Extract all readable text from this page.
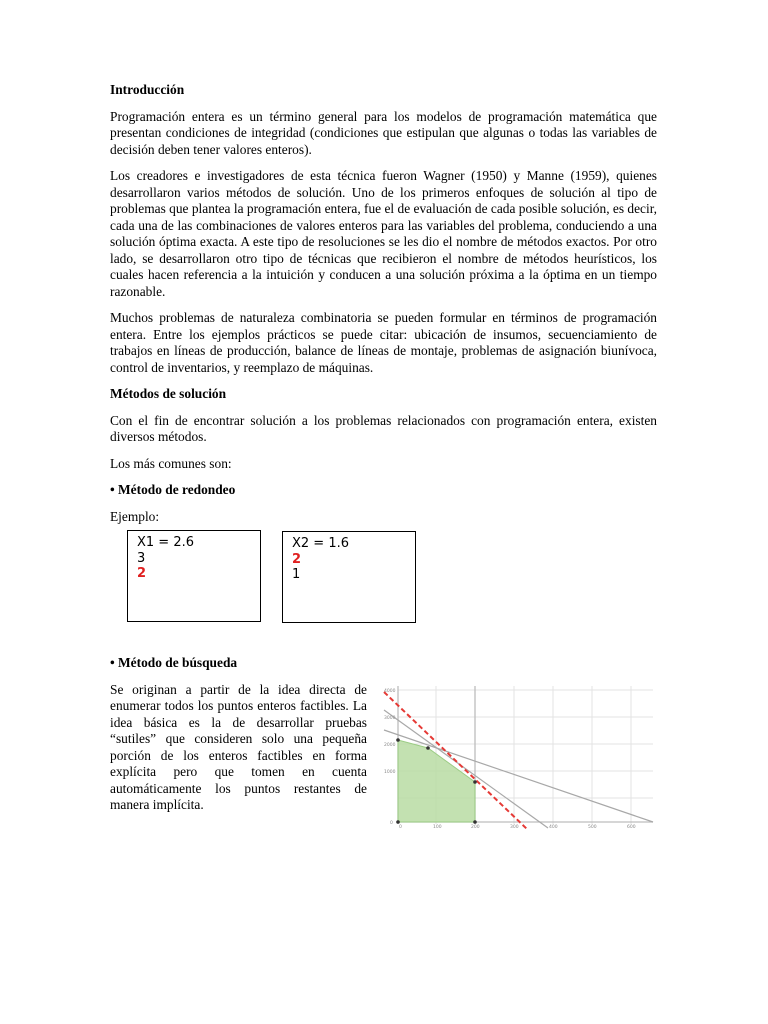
Introducción

Programación entera es un término general para los modelos de programación matemática que presentan condiciones de integridad (condiciones que estipulan que algunas o todas las variables de decisión deben tener valores enteros).

Los creadores e investigadores de esta técnica fueron Wagner (1950) y Manne (1959), quienes desarrollaron varios métodos de solución. Uno de los primeros enfoques de solución al tipo de problemas que plantea la programación entera, fue el de evaluación de cada posible solución, es decir, cada una de las combinaciones de valores enteros para las variables del problema, conduciendo a una solución óptima exacta. A este tipo de resoluciones se les dio el nombre de métodos exactos. Por otro lado, se desarrollaron otro tipo de técnicas que recibieron el nombre de métodos heurísticos, los cuales hacen referencia a la intuición y conducen a una solución próxima a la óptima en un tiempo razonable.

Muchos problemas de naturaleza combinatoria se pueden formular en términos de programación entera. Entre los ejemplos prácticos se puede citar: ubicación de insumos, secuenciamiento de trabajos en líneas de producción, balance de líneas de montaje, problemas de asignación biunívoca, control de inventarios, y reemplazo de máquinas.

Métodos de solución

Con el fin de encontrar solución a los problemas relacionados con programación entera, existen diversos métodos.

Los más comunes son:

• Método de redondeo

Ejemplo:

X1 = 2.6
3
2
X2 = 1.6
2
1
• Método de búsqueda

Se originan a partir de la idea directa de enumerar todos los puntos enteros factibles. La idea básica es la de desarrollar pruebas “sutiles” que consideren solo una pequeña porción de los enteros factibles en forma explícita pero que tomen en cuenta automáticamente los puntos restantes de manera implícita.

4000
3000
2000
1000
0
0	100	200	300	400	500	600
